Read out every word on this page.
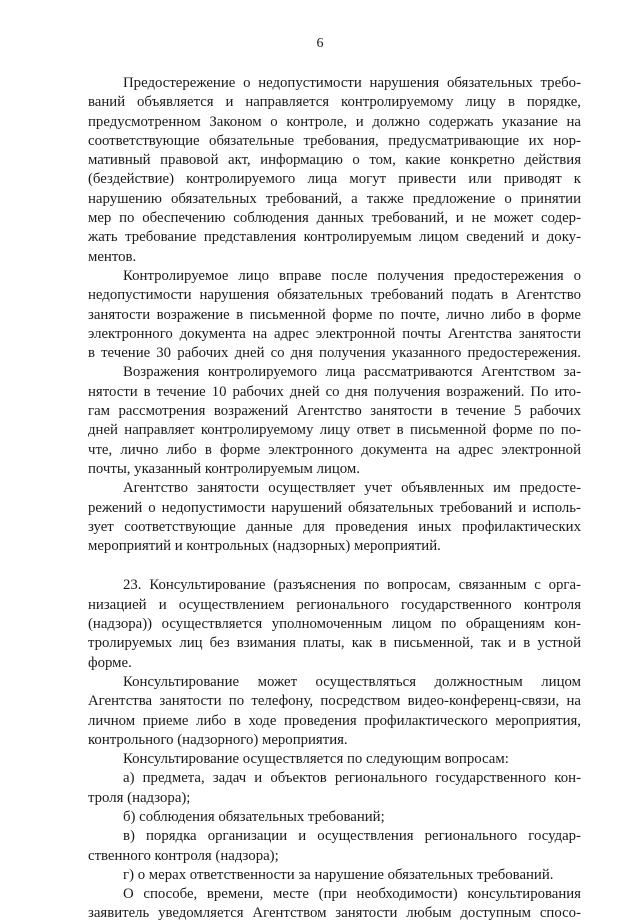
6
Предостережение о недопустимости нарушения обязательных требо-
ваний объявляется и направляется контролируемому лицу в порядке,
предусмотренном Законом о контроле, и должно содержать указание на
соответствующие обязательные требования, предусматривающие их нор-
мативный правовой акт, информацию о том, какие конкретно действия
(бездействие) контролируемого лица могут привести или приводят к
нарушению обязательных требований, а также предложение о принятии
мер по обеспечению соблюдения данных требований, и не может содер-
жать требование представления контролируемым лицом сведений и доку-
ментов.
Контролируемое лицо вправе после получения предостережения о
недопустимости нарушения обязательных требований подать в Агентство
занятости возражение в письменной форме по почте, лично либо в форме
электронного документа на адрес электронной почты Агентства занятости
в течение 30 рабочих дней со дня получения указанного предостережения.
Возражения контролируемого лица рассматриваются Агентством за-
нятости в течение 10 рабочих дней со дня получения возражений. По ито-
гам рассмотрения возражений Агентство занятости в течение 5 рабочих
дней направляет контролируемому лицу ответ в письменной форме по по-
чте, лично либо в форме электронного документа на адрес электронной
почты, указанный контролируемым лицом.
Агентство занятости осуществляет учет объявленных им предосте-
режений о недопустимости нарушений обязательных требований и исполь-
зует соответствующие данные для проведения иных профилактических
мероприятий и контрольных (надзорных) мероприятий.
23. Консультирование (разъяснения по вопросам, связанным с орга-
низацией и осуществлением регионального государственного контроля
(надзора)) осуществляется уполномоченным лицом по обращениям кон-
тролируемых лиц без взимания платы, как в письменной, так и в устной
форме.
Консультирование может осуществляться должностным лицом
Агентства занятости по телефону, посредством видео-конференц-связи, на
личном приеме либо в ходе проведения профилактического мероприятия,
контрольного (надзорного) мероприятия.
Консультирование осуществляется по следующим вопросам:
а) предмета, задач и объектов регионального государственного кон-
троля (надзора);
б) соблюдения обязательных требований;
в) порядка организации и осуществления регионального государ-
ственного контроля (надзора);
г) о мерах ответственности за нарушение обязательных требований.
О способе, времени, месте (при необходимости) консультирования
заявитель уведомляется Агентством занятости любым доступным спосо-
